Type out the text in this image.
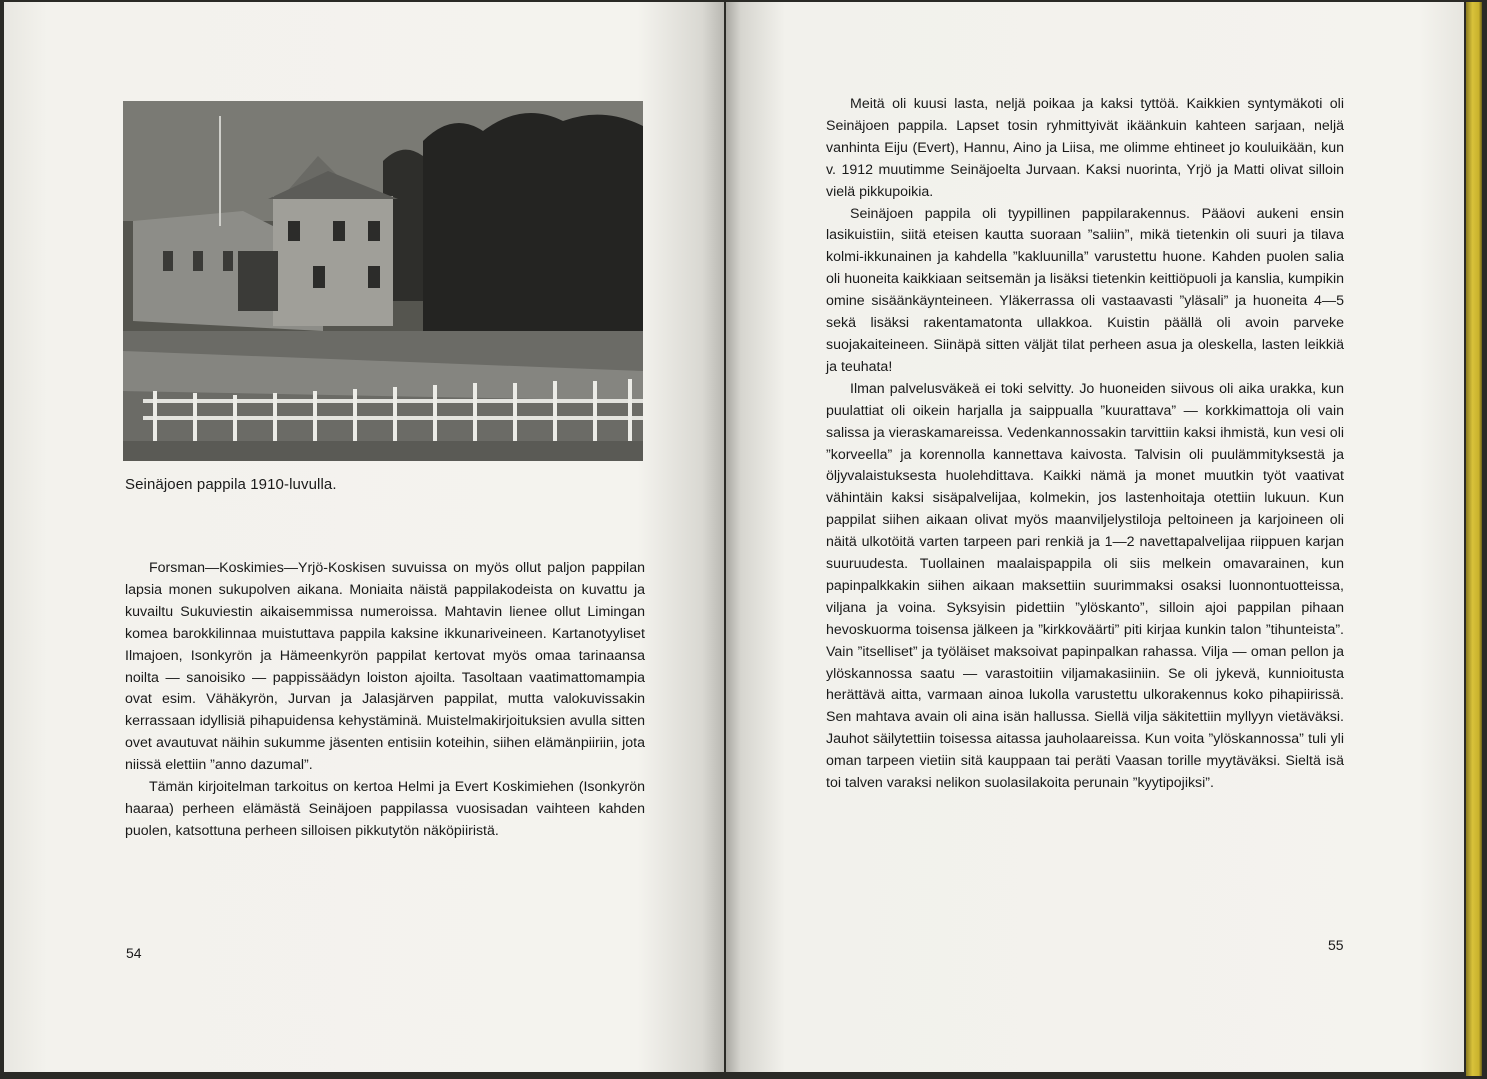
Seinäjoen pappila 1910-luvulla.

Forsman—Koskimies—Yrjö-Koskisen suvuissa on myös ollut paljon pappilan lapsia monen sukupolven aikana. Moniaita näistä pappilakodeista on kuvattu ja kuvailtu Sukuviestin aikaisemmissa numeroissa. Mahtavin lienee ollut Limingan komea barokkilinnaa muistuttava pappila kaksine ikkunariveineen. Kartanotyyliset Ilmajoen, Isonkyrön ja Hämeenkyrön pappilat kertovat myös omaa tarinaansa noilta — sanoisiko — pappissäädyn loiston ajoilta. Tasoltaan vaatimattomampia ovat esim. Vähäkyrön, Jurvan ja Jalasjärven pappilat, mutta valokuvissakin kerrassaan idyllisiä pihapuidensa kehystäminä. Muistelmakirjoituksien avulla sitten ovet avautuvat näihin sukumme jäsenten entisiin koteihin, siihen elämänpiiriin, jota niissä elettiin ”anno dazumal”.

Tämän kirjoitelman tarkoitus on kertoa Helmi ja Evert Koskimiehen (Isonkyrön haaraa) perheen elämästä Seinäjoen pappilassa vuosisadan vaihteen kahden puolen, katsottuna perheen silloisen pikkutytön näköpiiristä.

54

Meitä oli kuusi lasta, neljä poikaa ja kaksi tyttöä. Kaikkien syntymäkoti oli Seinäjoen pappila. Lapset tosin ryhmittyivät ikäänkuin kahteen sarjaan, neljä vanhinta Eiju (Evert), Hannu, Aino ja Liisa, me olimme ehtineet jo kouluikään, kun v. 1912 muutimme Seinäjoelta Jurvaan. Kaksi nuorinta, Yrjö ja Matti olivat silloin vielä pikkupoikia.

Seinäjoen pappila oli tyypillinen pappilarakennus. Pääovi aukeni ensin lasikuistiin, siitä eteisen kautta suoraan ”saliin”, mikä tietenkin oli suuri ja tilava kolmi-ikkunainen ja kahdella ”kakluunilla” varustettu huone. Kahden puolen salia oli huoneita kaikkiaan seitsemän ja lisäksi tietenkin keittiöpuoli ja kanslia, kumpikin omine sisäänkäynteineen. Yläkerrassa oli vastaavasti ”yläsali” ja huoneita 4—5 sekä lisäksi rakentamatonta ullakkoa. Kuistin päällä oli avoin parveke suojakaiteineen. Siinäpä sitten väljät tilat perheen asua ja oleskella, lasten leikkiä ja teuhata!

Ilman palvelusväkeä ei toki selvitty. Jo huoneiden siivous oli aika urakka, kun puulattiat oli oikein harjalla ja saippualla ”kuurattava” — korkkimattoja oli vain salissa ja vieraskamareissa. Vedenkannossakin tarvittiin kaksi ihmistä, kun vesi oli ”korveella” ja korennolla kannettava kaivosta. Talvisin oli puulämmityksestä ja öljyvalaistuksesta huolehdittava. Kaikki nämä ja monet muutkin työt vaativat vähintäin kaksi sisäpalvelijaa, kolmekin, jos lastenhoitaja otettiin lukuun. Kun pappilat siihen aikaan olivat myös maanviljelystiloja peltoineen ja karjoineen oli näitä ulkotöitä varten tarpeen pari renkiä ja 1—2 navettapalvelijaa riippuen karjan suuruudesta. Tuollainen maalaispappila oli siis melkein omavarainen, kun papinpalkkakin siihen aikaan maksettiin suurimmaksi osaksi luonnontuotteissa, viljana ja voina. Syksyisin pidettiin ”ylöskanto”, silloin ajoi pappilan pihaan hevoskuorma toisensa jälkeen ja ”kirkkoväärti” piti kirjaa kunkin talon ”tihunteista”. Vain ”itselliset” ja työläiset maksoivat papinpalkan rahassa. Vilja — oman pellon ja ylöskannossa saatu — varastoitiin viljamakasiiniin. Se oli jykevä, kunnioitusta herättävä aitta, varmaan ainoa lukolla varustettu ulkorakennus koko pihapiirissä. Sen mahtava avain oli aina isän hallussa. Siellä vilja säkitettiin myllyyn vietäväksi. Jauhot säilytettiin toisessa aitassa jauholaareissa. Kun voita ”ylöskannossa” tuli yli oman tarpeen vietiin sitä kauppaan tai peräti Vaasan torille myytäväksi. Sieltä isä toi talven varaksi nelikon suolasilakoita perunain ”kyytipojiksi”.

55
